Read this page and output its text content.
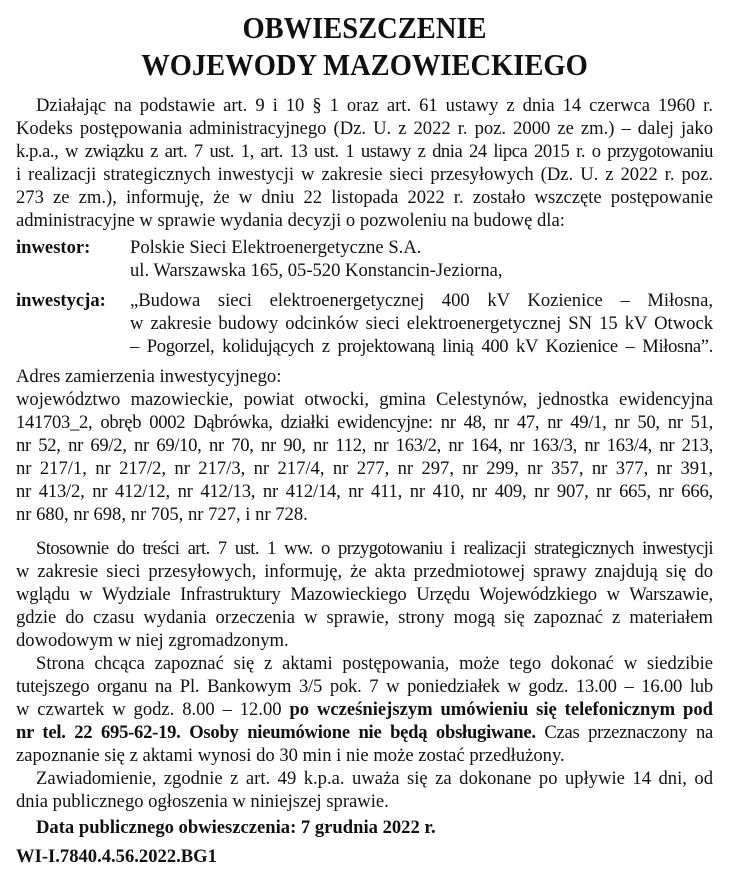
OBWIESZCZENIE
WOJEWODY MAZOWIECKIEGO
Działając na podstawie art. 9 i 10 § 1 oraz art. 61 ustawy z dnia 14 czerwca 1960 r.
Kodeks postępowania administracyjnego (Dz. U. z 2022 r. poz. 2000 ze zm.) – dalej jako
k.p.a., w związku z art. 7 ust. 1, art. 13 ust. 1 ustawy z dnia 24 lipca 2015 r. o przygotowaniu
i realizacji strategicznych inwestycji w zakresie sieci przesyłowych (Dz. U. z 2022 r. poz.
273 ze zm.), informuję, że w dniu 22 listopada 2022 r. zostało wszczęte postępowanie
administracyjne w sprawie wydania decyzji o pozwoleniu na budowę dla:
inwestor: Polskie Sieci Elektroenergetyczne S.A.
ul. Warszawska 165, 05-520 Konstancin-Jeziorna,
inwestycja: „Budowa sieci elektroenergetycznej 400 kV Kozienice – Miłosna,
w zakresie budowy odcinków sieci elektroenergetycznej SN 15 kV Otwock
– Pogorzel, kolidujących z projektowaną linią 400 kV Kozienice – Miłosna”.
Adres zamierzenia inwestycyjnego:
województwo mazowieckie, powiat otwocki, gmina Celestynów, jednostka ewidencyjna
141703_2, obręb 0002 Dąbrówka, działki ewidencyjne: nr 48, nr 47, nr 49/1, nr 50, nr 51,
nr 52, nr 69/2, nr 69/10, nr 70, nr 90, nr 112, nr 163/2, nr 164, nr 163/3, nr 163/4, nr 213,
nr 217/1, nr 217/2, nr 217/3, nr 217/4, nr 277, nr 297, nr 299, nr 357, nr 377, nr 391,
nr 413/2, nr 412/12, nr 412/13, nr 412/14, nr 411, nr 410, nr 409, nr 907, nr 665, nr 666,
nr 680, nr 698, nr 705, nr 727, i nr 728.
Stosownie do treści art. 7 ust. 1 ww. o przygotowaniu i realizacji strategicznych inwestycji
w zakresie sieci przesyłowych, informuję, że akta przedmiotowej sprawy znajdują się do
wglądu w Wydziale Infrastruktury Mazowieckiego Urzędu Wojewódzkiego w Warszawie,
gdzie do czasu wydania orzeczenia w sprawie, strony mogą się zapoznać z materiałem
dowodowym w niej zgromadzonym.
Strona chcąca zapoznać się z aktami postępowania, może tego dokonać w siedzibie
tutejszego organu na Pl. Bankowym 3/5 pok. 7 w poniedziałek w godz. 13.00 – 16.00 lub
w czwartek w godz. 8.00 – 12.00 po wcześniejszym umówieniu się telefonicznym pod
nr tel. 22 695-62-19. Osoby nieumówione nie będą obsługiwane. Czas przeznaczony na
zapoznanie się z aktami wynosi do 30 min i nie może zostać przedłużony.
Zawiadomienie, zgodnie z art. 49 k.p.a. uważa się za dokonane po upływie 14 dni, od
dnia publicznego ogłoszenia w niniejszej sprawie.
Data publicznego obwieszczenia: 7 grudnia 2022 r.
WI-I.7840.4.56.2022.BG1
